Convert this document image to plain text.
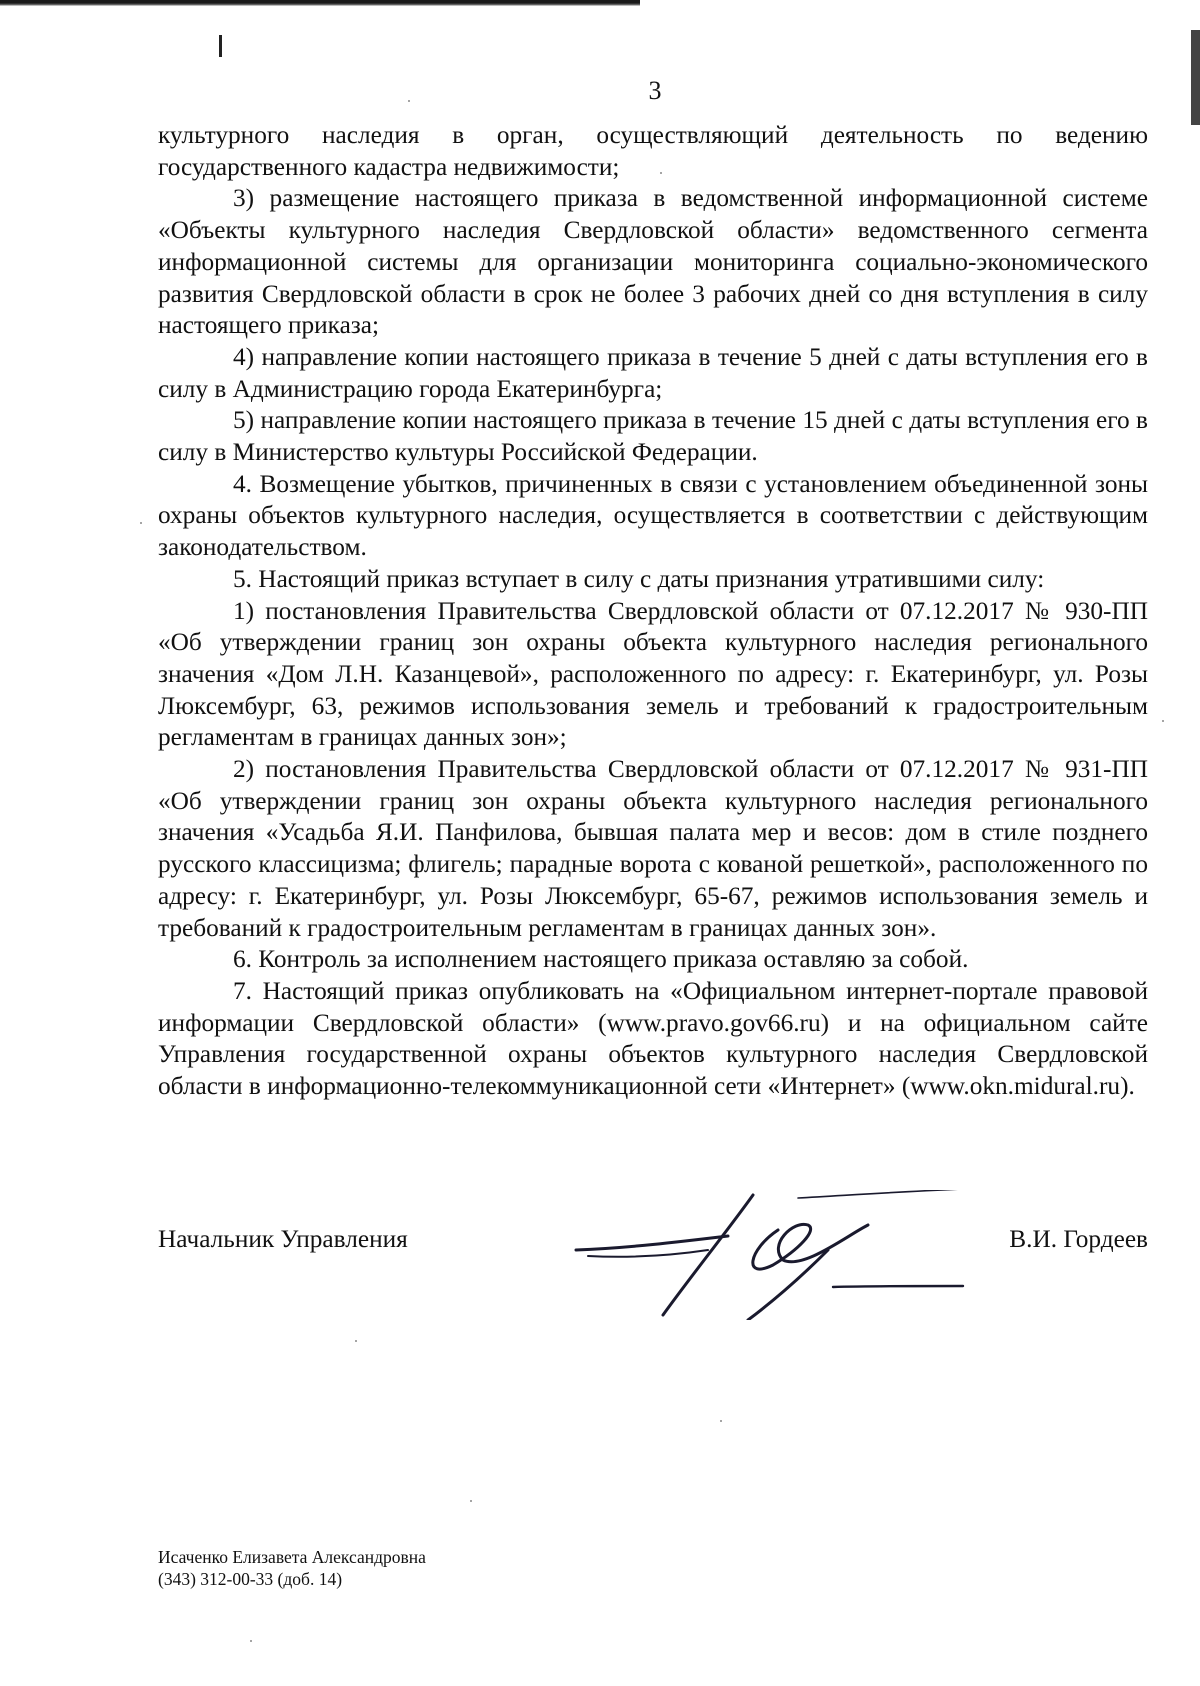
3

культурного наследия в орган, осуществляющий деятельность по ведению государственного кадастра недвижимости;

3) размещение настоящего приказа в ведомственной информационной системе «Объекты культурного наследия Свердловской области» ведомственного сегмента информационной системы для организации мониторинга социально-экономического развития Свердловской области в срок не более 3 рабочих дней со дня вступления в силу настоящего приказа;

4) направление копии настоящего приказа в течение 5 дней с даты вступления его в силу в Администрацию города Екатеринбурга;

5) направление копии настоящего приказа в течение 15 дней с даты вступления его в силу в Министерство культуры Российской Федерации.

4. Возмещение убытков, причиненных в связи с установлением объединенной зоны охраны объектов культурного наследия, осуществляется в соответствии с действующим законодательством.

5. Настоящий приказ вступает в силу с даты признания утратившими силу:

1) постановления Правительства Свердловской области от 07.12.2017 № 930-ПП «Об утверждении границ зон охраны объекта культурного наследия регионального значения «Дом Л.Н. Казанцевой», расположенного по адресу: г. Екатеринбург, ул. Розы Люксембург, 63, режимов использования земель и требований к градостроительным регламентам в границах данных зон»;

2) постановления Правительства Свердловской области от 07.12.2017 № 931-ПП «Об утверждении границ зон охраны объекта культурного наследия регионального значения «Усадьба Я.И. Панфилова, бывшая палата мер и весов: дом в стиле позднего русского классицизма; флигель; парадные ворота с кованой решеткой», расположенного по адресу: г. Екатеринбург, ул. Розы Люксембург, 65-67, режимов использования земель и требований к градостроительным регламентам в границах данных зон».

6. Контроль за исполнением настоящего приказа оставляю за собой.

7. Настоящий приказ опубликовать на «Официальном интернет-портале правовой информации Свердловской области» (www.pravo.gov66.ru) и на официальном сайте Управления государственной охраны объектов культурного наследия Свердловской области в информационно-телекоммуникационной сети «Интернет» (www.okn.midural.ru).

Начальник Управления	В.И. Гордеев
Исаченко Елизавета Александровна
(343) 312-00-33 (доб. 14)
